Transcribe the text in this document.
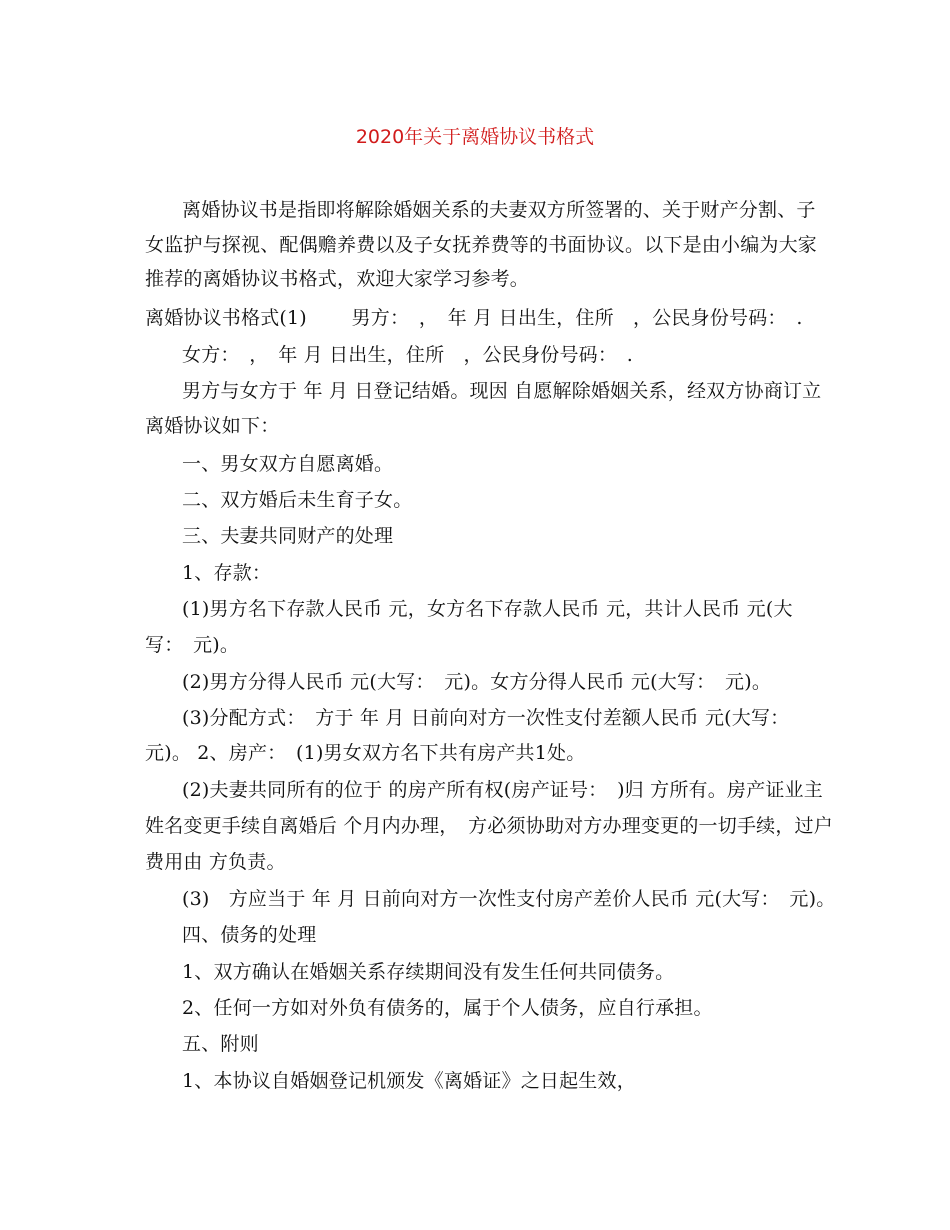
2020年关于离婚协议书格式
离婚协议书是指即将解除婚姻关系的夫妻双方所签署的、关于财产分割、子
女监护与探视、配偶赡养费以及子女抚养费等的书面协议。以下是由小编为大家
推荐的离婚协议书格式，欢迎大家学习参考。
离婚协议书格式(1)　　 男方：　，　年 月 日出生，住所　，公民身份号码：　.
女方：　，　年 月 日出生，住所　，公民身份号码：　.
男方与女方于 年 月 日登记结婚。现因 自愿解除婚姻关系，经双方协商订立
离婚协议如下：
一、男女双方自愿离婚。
二、双方婚后未生育子女。
三、夫妻共同财产的处理
1、存款：
(1)男方名下存款人民币 元，女方名下存款人民币 元，共计人民币 元(大
写：　元)。
(2)男方分得人民币 元(大写：　元)。女方分得人民币 元(大写：　元)。
(3)分配方式：　方于 年 月 日前向对方一次性支付差额人民币 元(大写：
元)。 2、房产：　(1)男女双方名下共有房产共1处。
(2)夫妻共同所有的位于 的房产所有权(房产证号：　)归 方所有。房产证业主
姓名变更手续自离婚后 个月内办理，　方必须协助对方办理变更的一切手续，过户
费用由 方负责。
(3)　方应当于 年 月 日前向对方一次性支付房产差价人民币 元(大写：　元)。
四、债务的处理
1、双方确认在婚姻关系存续期间没有发生任何共同债务。
2、任何一方如对外负有债务的，属于个人债务，应自行承担。
五、附则
1、本协议自婚姻登记机颁发《离婚证》之日起生效，
